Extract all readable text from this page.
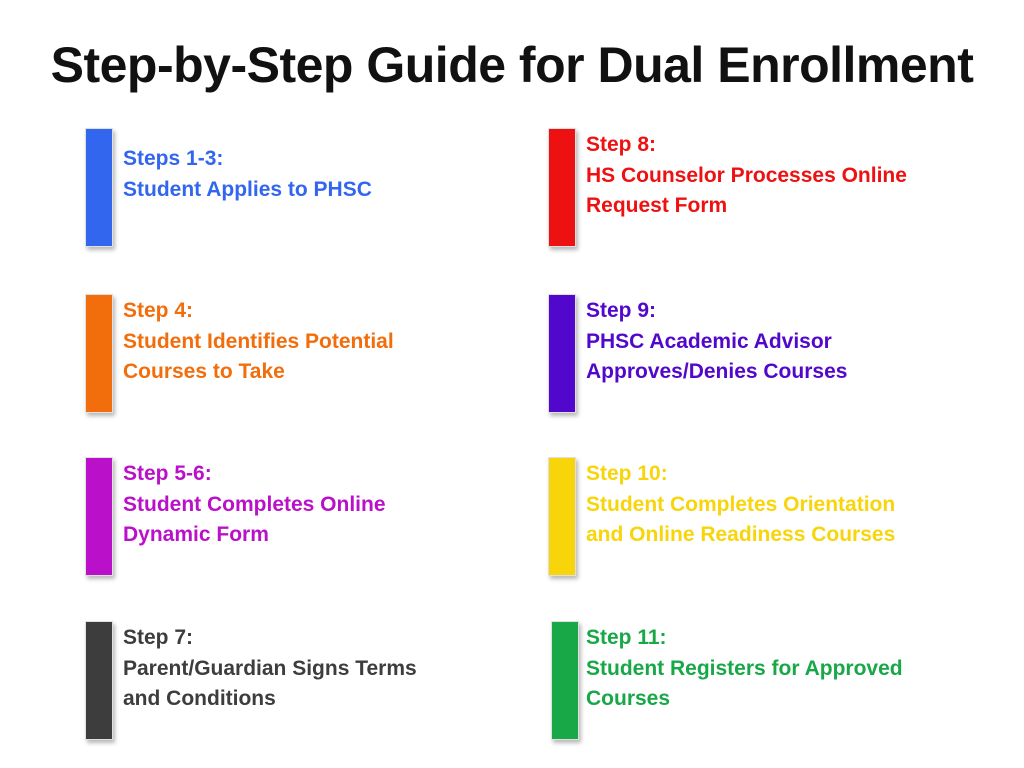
Step-by-Step Guide for Dual Enrollment
Steps 1-3:
Student Applies to PHSC
Step 4:
Student Identifies Potential
Courses to Take
Step 5-6:
Student Completes Online
Dynamic Form
Step 7:
Parent/Guardian Signs Terms
and Conditions
Step 8:
HS Counselor Processes Online
Request Form
Step 9:
PHSC Academic Advisor
Approves/Denies Courses
Step 10:
Student Completes Orientation
and Online Readiness Courses
Step 11:
Student Registers for Approved
Courses
